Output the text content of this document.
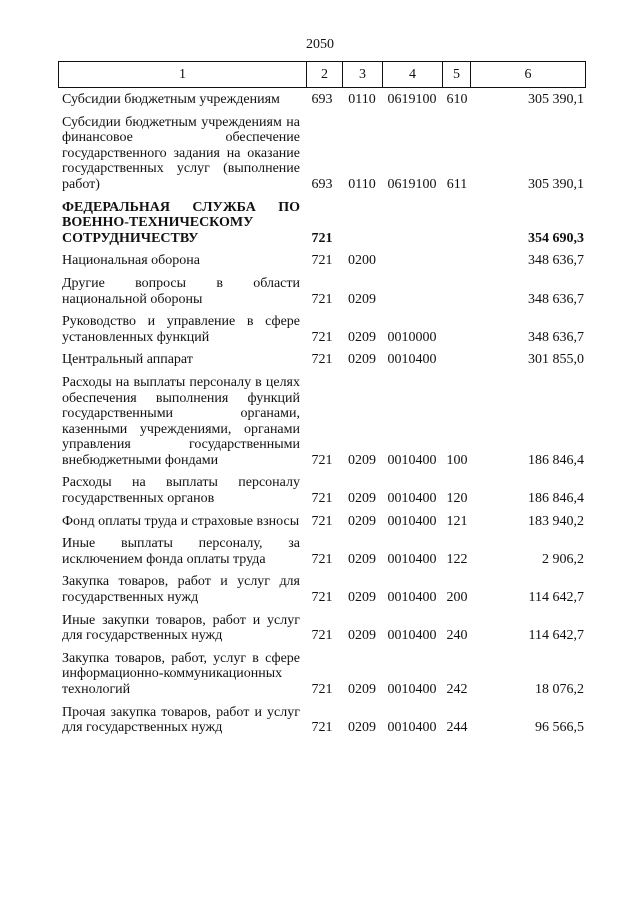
2050
1	2	3	4	5	6
Субсидии бюджетным учреждениям	693	0110 0619100 610	305 390,1
Субсидии бюджетным учреждениям на финансовое обеспечение государственного задания на оказание государственных услуг (выполнение работ)	693	0110 0619100 611	305 390,1
ФЕДЕРАЛЬНАЯ СЛУЖБА ПО ВОЕННО-ТЕХНИЧЕСКОМУ СОТРУДНИЧЕСТВУ	721	354 690,3
Национальная оборона	721	0200	348 636,7
Другие вопросы в области национальной обороны	721	0209	348 636,7
Руководство и управление в сфере установленных функций	721	0209 0010000	348 636,7
Центральный аппарат	721	0209 0010400	301 855,0
Расходы на выплаты персоналу в целях обеспечения выполнения функций государственными органами, казенными учреждениями, органами управления государственными внебюджетными фондами	721	0209 0010400 100	186 846,4
Расходы на выплаты персоналу государственных органов	721	0209 0010400 120	186 846,4
Фонд оплаты труда и страховые взносы 721	0209 0010400 121	183 940,2
Иные выплаты персоналу, за исключением фонда оплаты труда	721	0209 0010400 122	2 906,2
Закупка товаров, работ и услуг для государственных нужд	721	0209 0010400 200	114 642,7
Иные закупки товаров, работ и услуг для государственных нужд	721	0209 0010400 240	114 642,7
Закупка товаров, работ, услуг в сфере информационно-коммуникационных технологий	721	0209 0010400 242	18 076,2
Прочая закупка товаров, работ и услуг для государственных нужд	721	0209 0010400 244	96 566,5
